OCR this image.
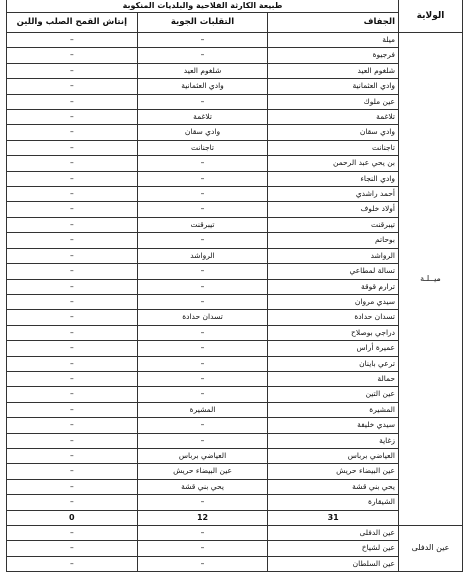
الولاية	طبيعة الكارثة الفلاحية والبلديات المنكوبة		
	الجفاف	التقلبات الجوية	إنتاش القمح الصلب واللين
ميــلـة	ميلة	–	–
	فرجيوة	–	–
	شلغوم العيد	شلغوم العيد	–
	وادي العثمانية	وادي العثمانية	–
	عين ملوك	–	–
	تلاغمة	تلاغمة	–
	وادي سقان	وادي سقان	–
	تاجنانت	تاجنانت	–
	بن يحي عبد الرحمن	–	–
	وادي النجاء	–	–
	أحمد راشدي	–	–
	أولاد خلوف	–	–
	تيبرقنت	تيبرقنت	–
	بوحاتم	–	–
	الرواشد	الرواشد	–
	تسالة لمطاعي	–	–
	ترارم قوقة	–	–
	سيدي مروان	–	–
	تسدان حدادة	تسدان حدادة	–
	دراجي بوصلاح	–	–
	عميرة أراس	–	–
	ترعي باينان	–	–
	حمالة	–	–
	عين التين	–	–
	المشيرة	المشيرة	–
	سيدي خليفة	–	–
	زغاية	–	–
	العياضي برباس	العياضي برباس	–
	عين البيضاء حريش	عين البيضاء حريش	–
	يحي بني قشة	يحي بني قشة	–
	الشيقارة	–	–
	31	12	0
عين الدفلى	عين الدفلى	–	–
	عين لشياخ	–	–
	عين السلطان	–	–
